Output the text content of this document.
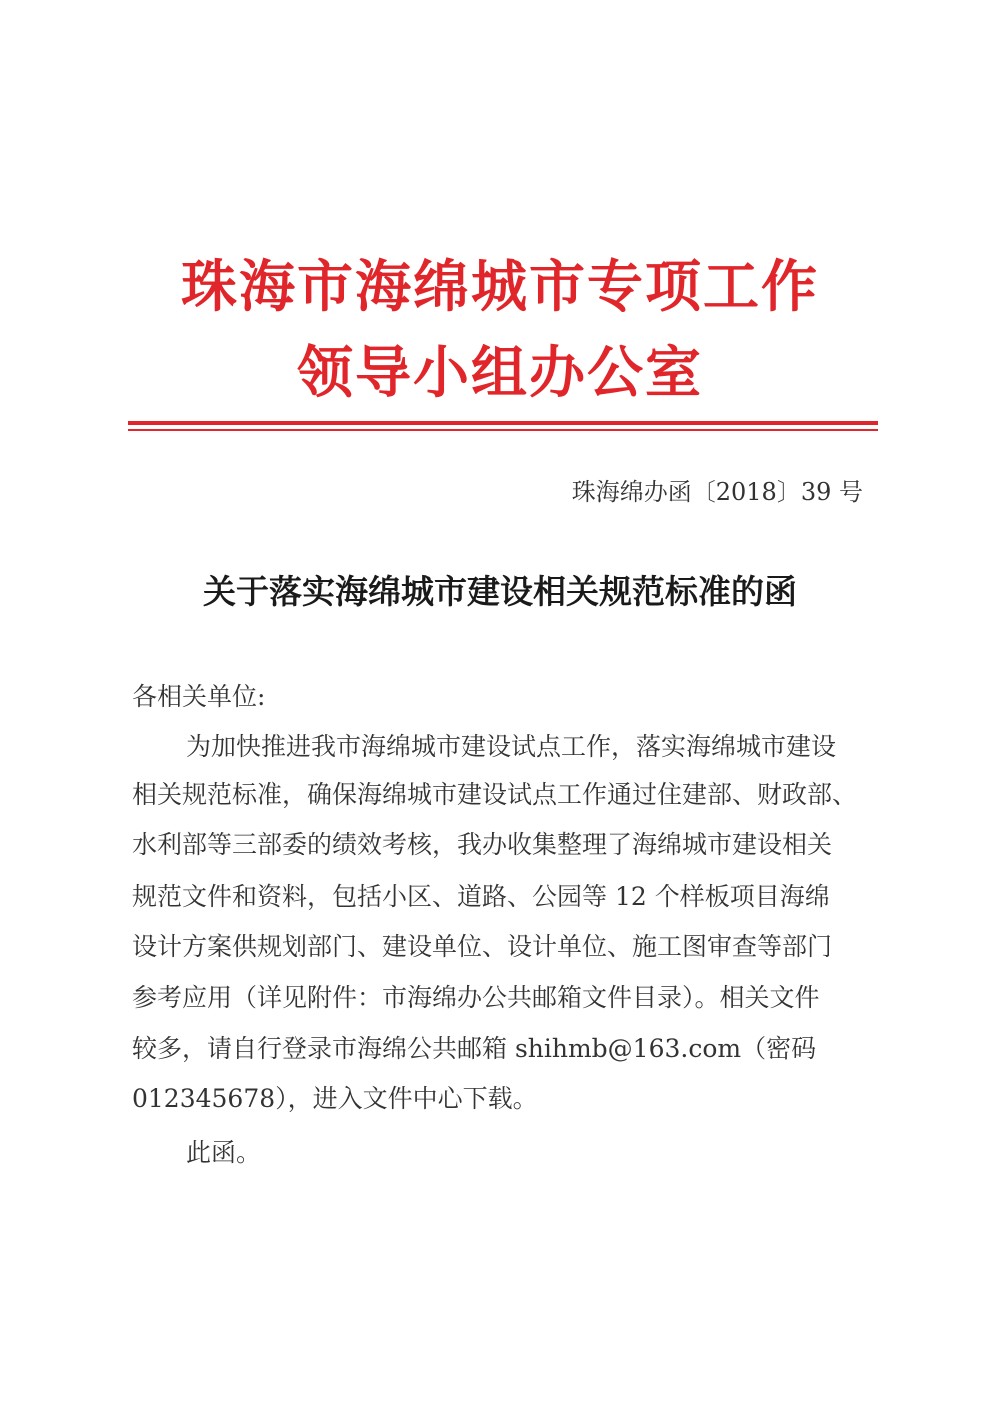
珠海市海绵城市专项工作
领导小组办公室
珠海绵办函〔2018〕39 号
关于落实海绵城市建设相关规范标准的函
各相关单位:
为加快推进我市海绵城市建设试点工作，落实海绵城市建设
相关规范标准，确保海绵城市建设试点工作通过住建部、财政部、
水利部等三部委的绩效考核，我办收集整理了海绵城市建设相关
规范文件和资料，包括小区、道路、公园等 12 个样板项目海绵
设计方案供规划部门、建设单位、设计单位、施工图审查等部门
参考应用（详见附件：市海绵办公共邮箱文件目录）。相关文件
较多，请自行登录市海绵公共邮箱 shihmb@163.com（密码
012345678），进入文件中心下载。
此函。
